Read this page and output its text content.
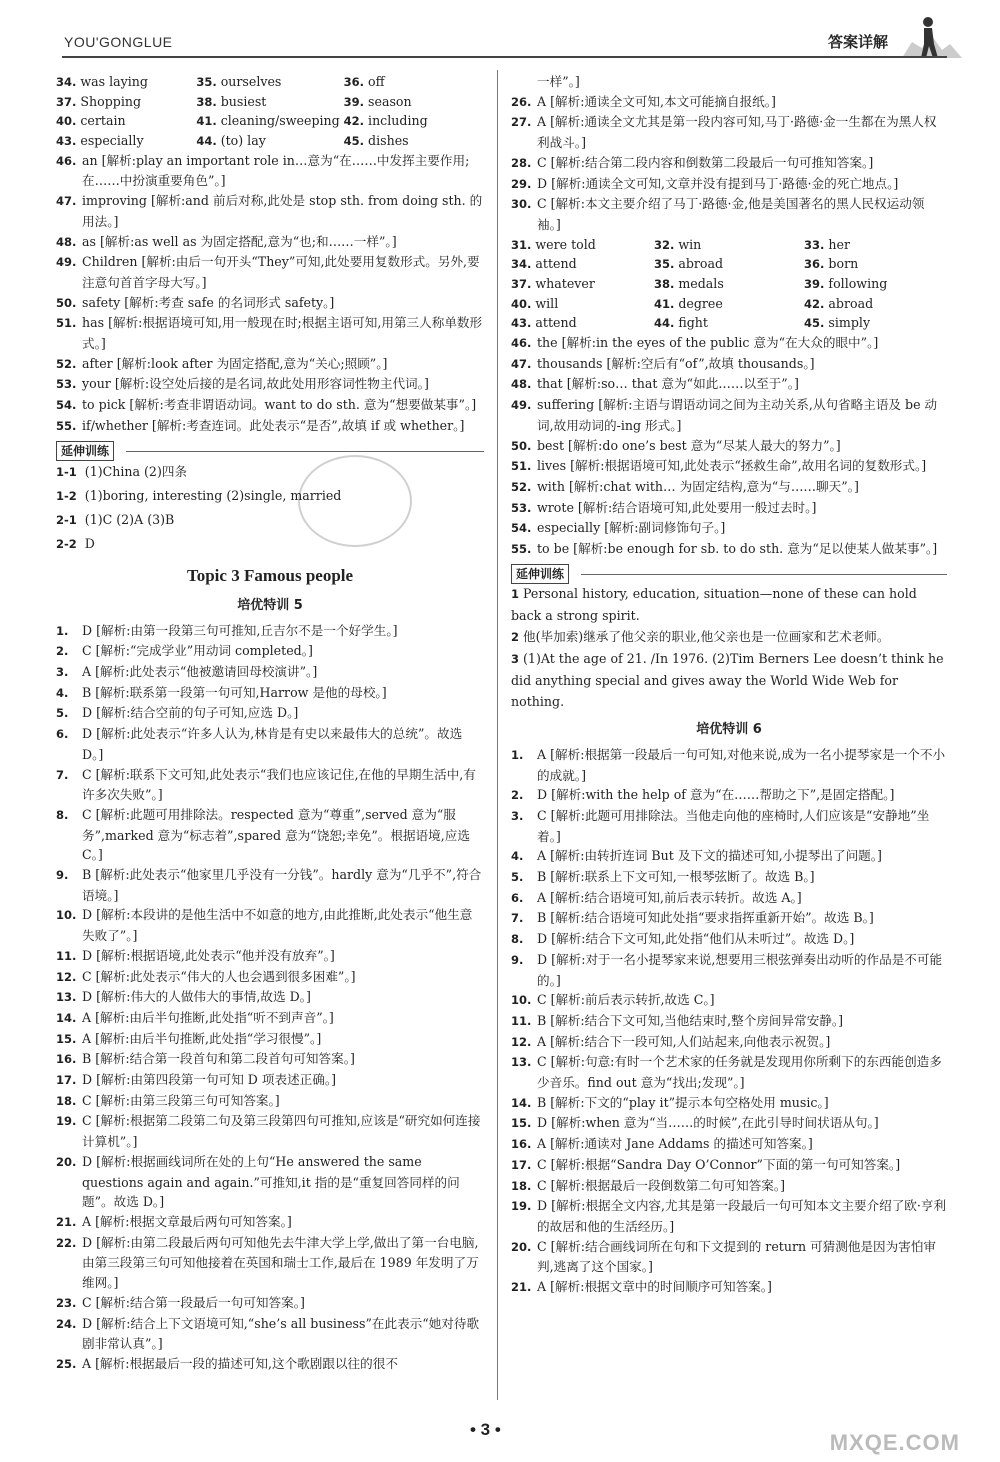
YOU'GONGLUE	答案详解
34. was laying	35. ourselves	36. off
37. Shopping	38. busiest	39. season
40. certain	41. cleaning/sweeping 42. including
43. especially	44. (to) lay	45. dishes
46. an [解析:play an important role in…意为“在……中发挥主要作用;在……中扮演重要角色”。]
47. improving [解析:and 前后对称,此处是 stop sth. from doing sth. 的用法。]
48. as [解析:as well as 为固定搭配,意为“也;和……一样”。]
49. Children [解析:由后一句开头“They”可知,此处要用复数形式。另外,要注意句首首字母大写。]
50. safety [解析:考查 safe 的名词形式 safety。]
51. has [解析:根据语境可知,用一般现在时;根据主语可知,用第三人称单数形式。]
52. after [解析:look after 为固定搭配,意为“关心;照顾”。]
53. your [解析:设空处后接的是名词,故此处用形容词性物主代词。]
54. to pick [解析:考查非谓语动词。want to do sth. 意为“想要做某事”。]
55. if/whether [解析:考查连词。此处表示“是否”,故填 if 或 whether。]
延伸训练
1-1 (1)China (2)四条
1-2 (1)boring, interesting (2)single, married
2-1 (1)C (2)A (3)B
2-2 D
Topic 3 Famous people
培优特训 5
1. D [解析:由第一段第三句可推知,丘吉尔不是一个好学生。]
2. C [解析:“完成学业”用动词 completed。]
3. A [解析:此处表示“他被邀请回母校演讲”。]
4. B [解析:联系第一段第一句可知,Harrow 是他的母校。]
5. D [解析:结合空前的句子可知,应选 D。]
6. D [解析:此处表示“许多人认为,林肯是有史以来最伟大的总统”。故选 D。]
7. C [解析:联系下文可知,此处表示“我们也应该记住,在他的早期生活中,有许多次失败”。]
8. C [解析:此题可用排除法。respected 意为“尊重”,served 意为“服务”,marked 意为“标志着”,spared 意为“饶恕;幸免”。根据语境,应选 C。]
9. B [解析:此处表示“他家里几乎没有一分钱”。hardly 意为“几乎不”,符合语境。]
10. D [解析:本段讲的是他生活中不如意的地方,由此推断,此处表示“他生意失败了”。]
11. D [解析:根据语境,此处表示“他并没有放弃”。]
12. C [解析:此处表示“伟大的人也会遇到很多困难”。]
13. D [解析:伟大的人做伟大的事情,故选 D。]
14. A [解析:由后半句推断,此处指“听不到声音”。]
15. A [解析:由后半句推断,此处指“学习很慢”。]
16. B [解析:结合第一段首句和第二段首句可知答案。]
17. D [解析:由第四段第一句可知 D 项表述正确。]
18. C [解析:由第三段第三句可知答案。]
19. C [解析:根据第二段第二句及第三段第四句可推知,应该是“研究如何连接计算机”。]
20. D [解析:根据画线词所在处的上句“He answered the same questions again and again.”可推知,it 指的是“重复回答同样的问题”。故选 D。]
21. A [解析:根据文章最后两句可知答案。]
22. D [解析:由第二段最后两句可知他先去牛津大学上学,做出了第一台电脑,由第三段第三句可知他接着在英国和瑞士工作,最后在 1989 年发明了万维网。]
23. C [解析:结合第一段最后一句可知答案。]
24. D [解析:结合上下文语境可知,“she’s all business”在此表示“她对待歌剧非常认真”。]
25. A [解析:根据最后一段的描述可知,这个歌剧跟以往的很不
一样”。]
26. A [解析:通读全文可知,本文可能摘自报纸。]
27. A [解析:通读全文尤其是第一段内容可知,马丁·路德·金一生都在为黑人权利战斗。]
28. C [解析:结合第二段内容和倒数第二段最后一句可推知答案。]
29. D [解析:通读全文可知,文章并没有提到马丁·路德·金的死亡地点。]
30. C [解析:本文主要介绍了马丁·路德·金,他是美国著名的黑人民权运动领袖。]
31. were told	32. win	33. her
34. attend	35. abroad	36. born
37. whatever	38. medals	39. following
40. will	41. degree	42. abroad
43. attend	44. fight	45. simply
46. the [解析:in the eyes of the public 意为“在大众的眼中”。]
47. thousands [解析:空后有“of”,故填 thousands。]
48. that [解析:so… that 意为“如此……以至于”。]
49. suffering [解析:主语与谓语动词之间为主动关系,从句省略主语及 be 动词,故用动词的-ing 形式。]
50. best [解析:do one’s best 意为“尽某人最大的努力”。]
51. lives [解析:根据语境可知,此处表示“拯救生命”,故用名词的复数形式。]
52. with [解析:chat with… 为固定结构,意为“与……聊天”。]
53. wrote [解析:结合语境可知,此处要用一般过去时。]
54. especially [解析:副词修饰句子。]
55. to be [解析:be enough for sb. to do sth. 意为“足以使某人做某事”。]
延伸训练
1 Personal history, education, situation—none of these can hold back a strong spirit.
2 他(毕加索)继承了他父亲的职业,他父亲也是一位画家和艺术老师。
3 (1)At the age of 21. /In 1976. (2)Tim Berners Lee doesn’t think he did anything special and gives away the World Wide Web for nothing.
培优特训 6
1. A [解析:根据第一段最后一句可知,对他来说,成为一名小提琴家是一个不小的成就。]
2. D [解析:with the help of 意为“在……帮助之下”,是固定搭配。]
3. C [解析:此题可用排除法。当他走向他的座椅时,人们应该是“安静地”坐着。]
4. A [解析:由转折连词 But 及下文的描述可知,小提琴出了问题。]
5. B [解析:联系上下文可知,一根琴弦断了。故选 B。]
6. A [解析:结合语境可知,前后表示转折。故选 A。]
7. B [解析:结合语境可知此处指“要求指挥重新开始”。故选 B。]
8. D [解析:结合下文可知,此处指“他们从未听过”。故选 D。]
9. D [解析:对于一名小提琴家来说,想要用三根弦弹奏出动听的作品是不可能的。]
10. C [解析:前后表示转折,故选 C。]
11. B [解析:结合下文可知,当他结束时,整个房间异常安静。]
12. A [解析:结合下一段可知,人们站起来,向他表示祝贺。]
13. C [解析:句意:有时一个艺术家的任务就是发现用你所剩下的东西能创造多少音乐。find out 意为“找出;发现”。]
14. B [解析:下文的“play it”提示本句空格处用 music。]
15. D [解析:when 意为“当……的时候”,在此引导时间状语从句。]
16. A [解析:通读对 Jane Addams 的描述可知答案。]
17. C [解析:根据“Sandra Day O’Connor”下面的第一句可知答案。]
18. C [解析:根据最后一段倒数第二句可知答案。]
19. D [解析:根据全文内容,尤其是第一段最后一句可知本文主要介绍了欧·亨利的故居和他的生活经历。]
20. C [解析:结合画线词所在句和下文提到的 return 可猜测他是因为害怕审判,逃离了这个国家。]
21. A [解析:根据文章中的时间顺序可知答案。]
• 3 •
MXQE.COM
